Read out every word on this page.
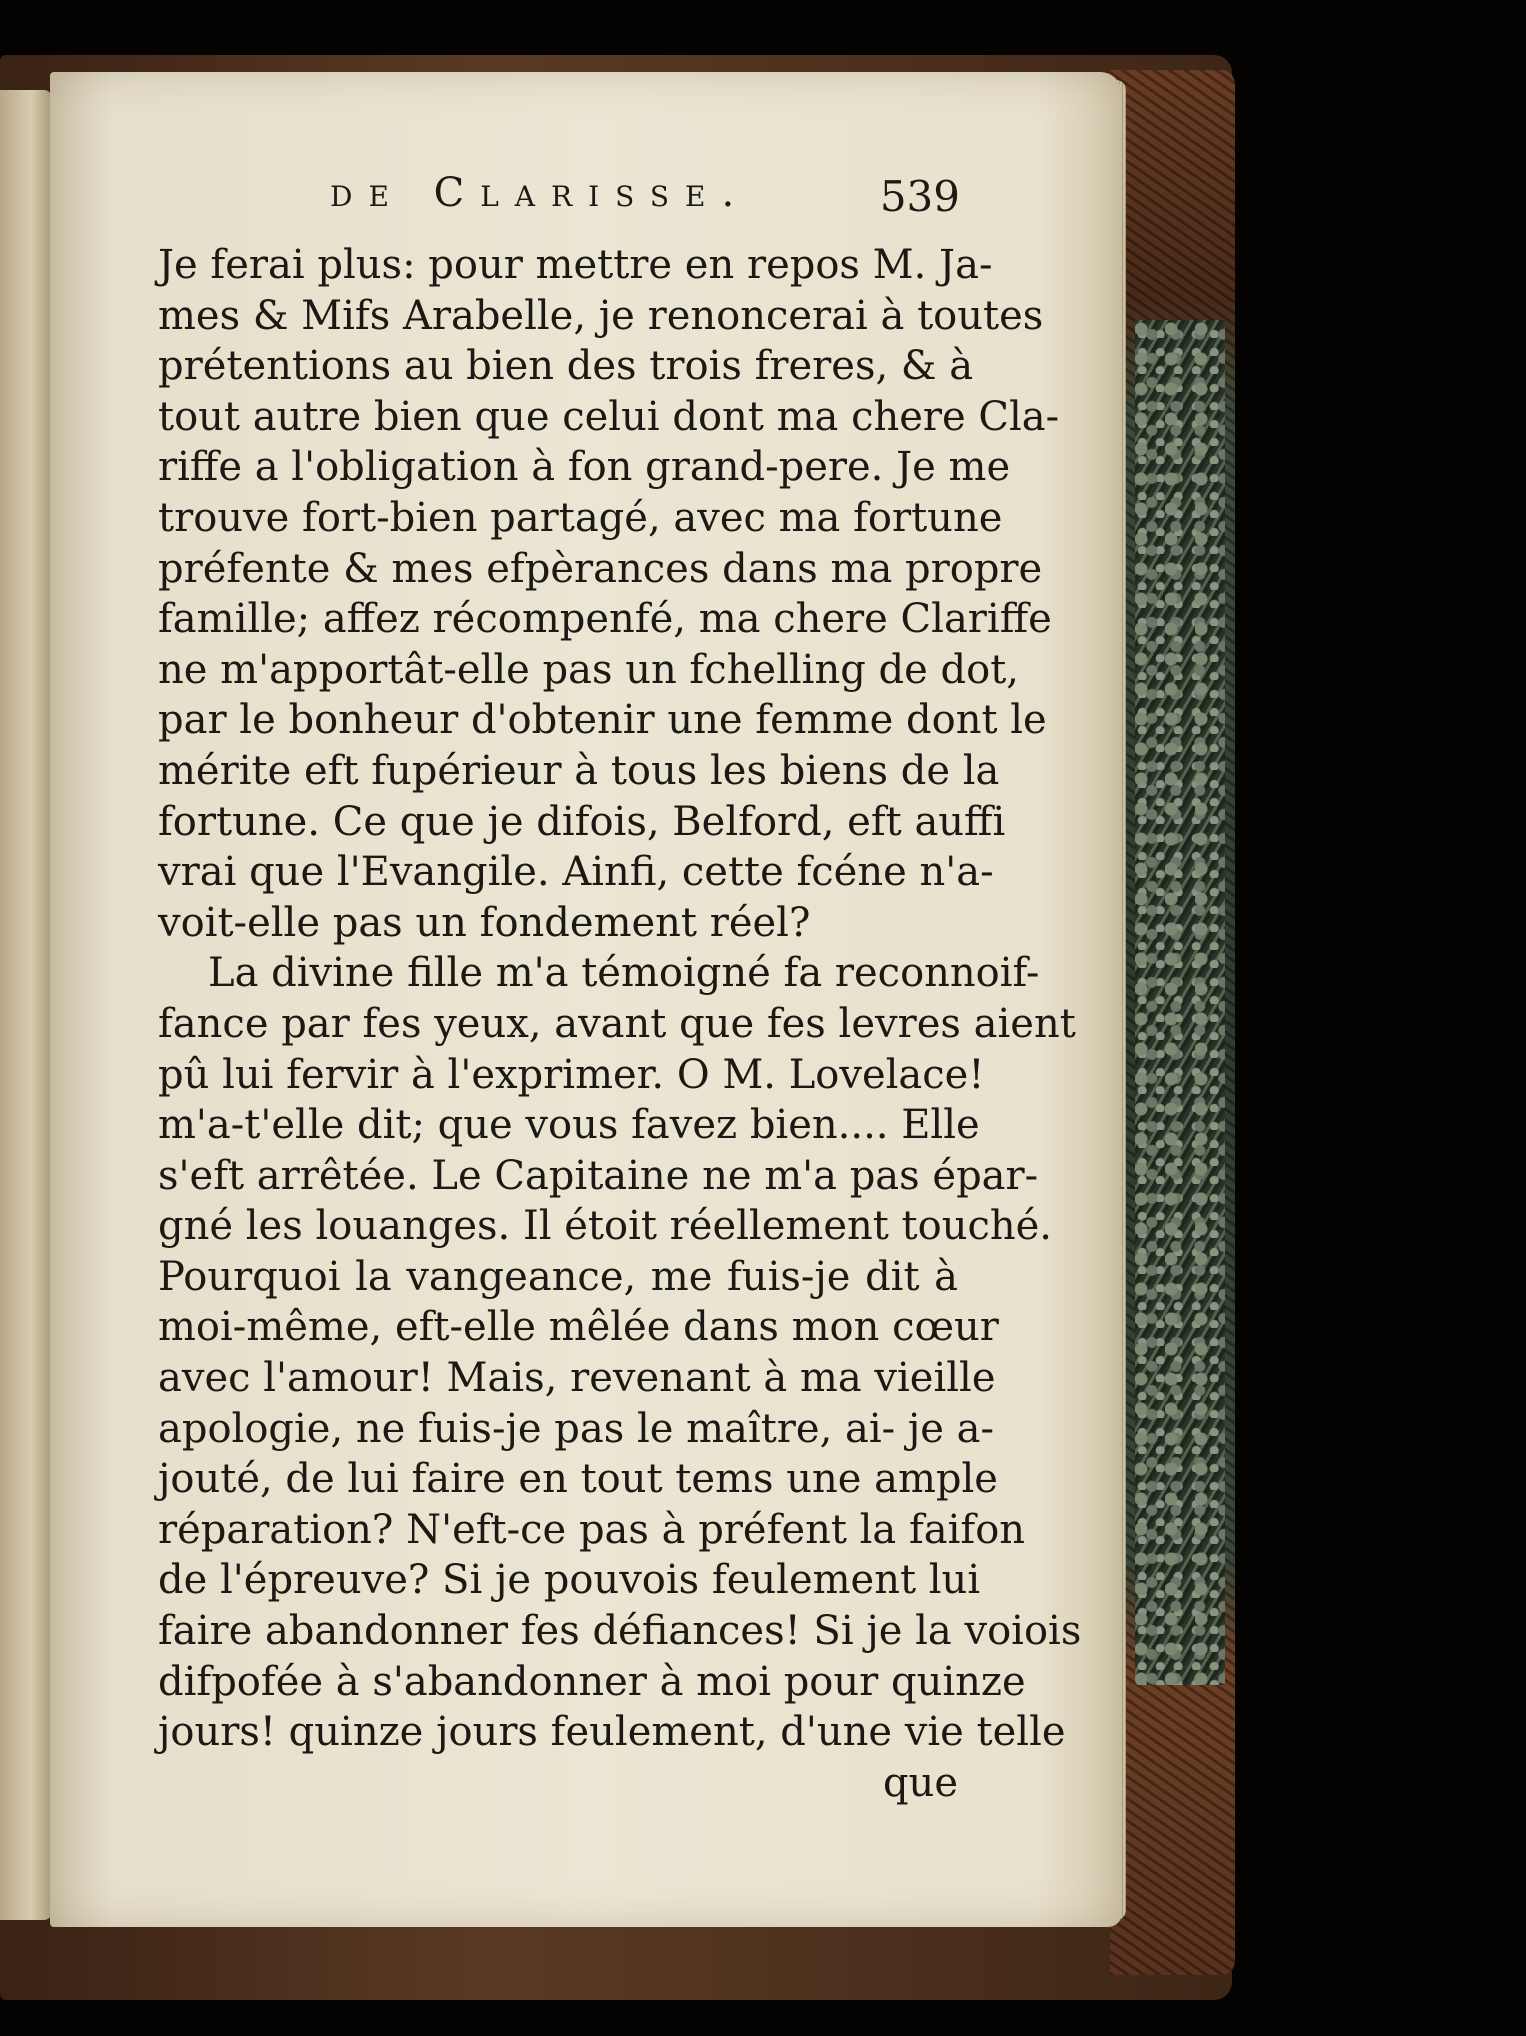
de Clarisse.	539
Je ferai plus: pour mettre en repos M. Ja-
mes & Mifs Arabelle, je renoncerai à toutes
prétentions au bien des trois freres, & à
tout autre bien que celui dont ma chere Cla-
riffe a l'obligation à fon grand-pere. Je me
trouve fort-bien partagé, avec ma fortune
préfente & mes efpèrances dans ma propre
famille; affez récompenfé, ma chere Clariffe
ne m'apportât-elle pas un fchelling de dot,
par le bonheur d'obtenir une femme dont le
mérite eft fupérieur à tous les biens de la
fortune. Ce que je difois, Belford, eft auffi
vrai que l'Evangile. Ainfi, cette fcéne n'a-
voit-elle pas un fondement réel?
La divine fille m'a témoigné fa reconnoif-
fance par fes yeux, avant que fes levres aient
pû lui fervir à l'exprimer. O M. Lovelace!
m'a-t'elle dit; que vous favez bien.... Elle
s'eft arrêtée. Le Capitaine ne m'a pas épar-
gné les louanges. Il étoit réellement touché.
Pourquoi la vangeance, me fuis-je dit à
moi-même, eft-elle mêlée dans mon cœur
avec l'amour! Mais, revenant à ma vieille
apologie, ne fuis-je pas le maître, ai- je a-
jouté, de lui faire en tout tems une ample
réparation? N'eft-ce pas à préfent la faifon
de l'épreuve? Si je pouvois feulement lui
faire abandonner fes défiances! Si je la voiois
difpofée à s'abandonner à moi pour quinze
jours! quinze jours feulement, d'une vie telle
que
